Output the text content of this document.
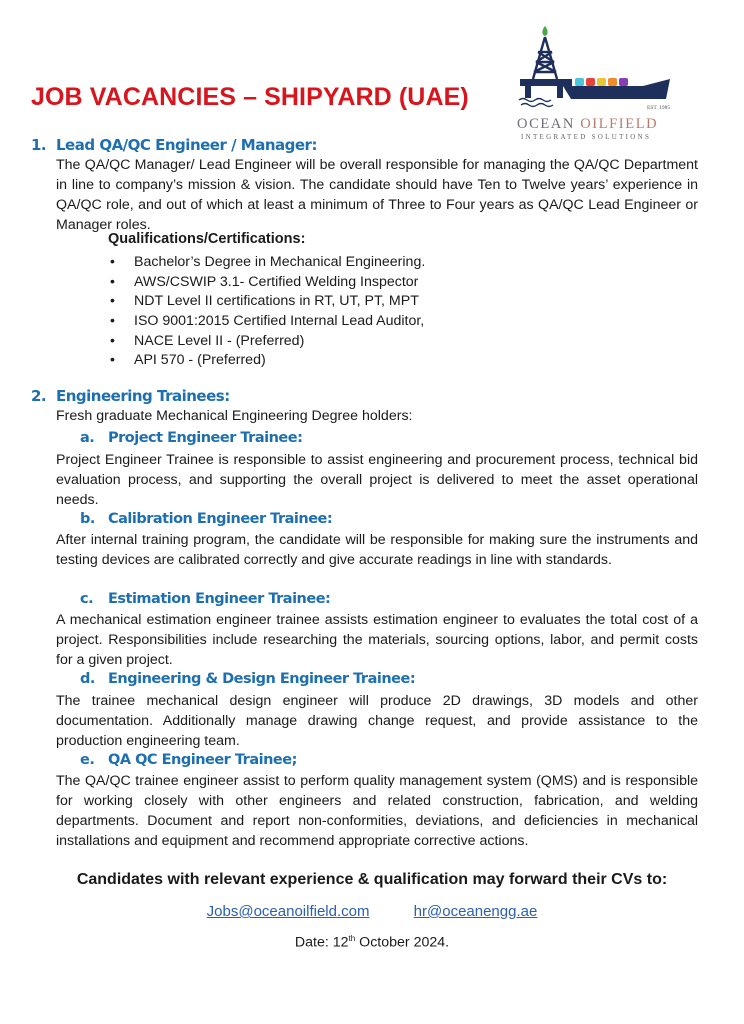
JOB VACANCIES – SHIPYARD (UAE)	EST. 1985
OCEAN OILFIELD
INTEGRATED SOLUTIONS
1. Lead QA/QC Engineer / Manager:
The QA/QC Manager/ Lead Engineer will be overall responsible for managing the QA/QC Department in line to company’s mission & vision. The candidate should have Ten to Twelve years’ experience in QA/QC role, and out of which at least a minimum of Three to Four years as QA/QC Lead Engineer or Manager roles.
Qualifications/Certifications:
• Bachelor’s Degree in Mechanical Engineering.
• AWS/CSWIP 3.1- Certified Welding Inspector
• NDT Level II certifications in RT, UT, PT, MPT
• ISO 9001:2015 Certified Internal Lead Auditor,
• NACE Level II - (Preferred)
• API 570 - (Preferred)
2. Engineering Trainees:
Fresh graduate Mechanical Engineering Degree holders:
a. Project Engineer Trainee:
Project Engineer Trainee is responsible to assist engineering and procurement process, technical bid evaluation process, and supporting the overall project is delivered to meet the asset operational needs.
b. Calibration Engineer Trainee:
After internal training program, the candidate will be responsible for making sure the instruments and testing devices are calibrated correctly and give accurate readings in line with standards.
c. Estimation Engineer Trainee:
A mechanical estimation engineer trainee assists estimation engineer to evaluates the total cost of a project. Responsibilities include researching the materials, sourcing options, labor, and permit costs for a given project.
d. Engineering & Design Engineer Trainee:
The trainee mechanical design engineer will produce 2D drawings, 3D models and other documentation. Additionally manage drawing change request, and provide assistance to the production engineering team.
e. QA QC Engineer Trainee;
The QA/QC trainee engineer assist to perform quality management system (QMS) and is responsible for working closely with other engineers and related construction, fabrication, and welding departments. Document and report non-conformities, deviations, and deficiencies in mechanical installations and equipment and recommend appropriate corrective actions.
Candidates with relevant experience & qualification may forward their CVs to:
Jobs@oceanoilfield.com	hr@oceanengg.ae
Date: 12th October 2024.
